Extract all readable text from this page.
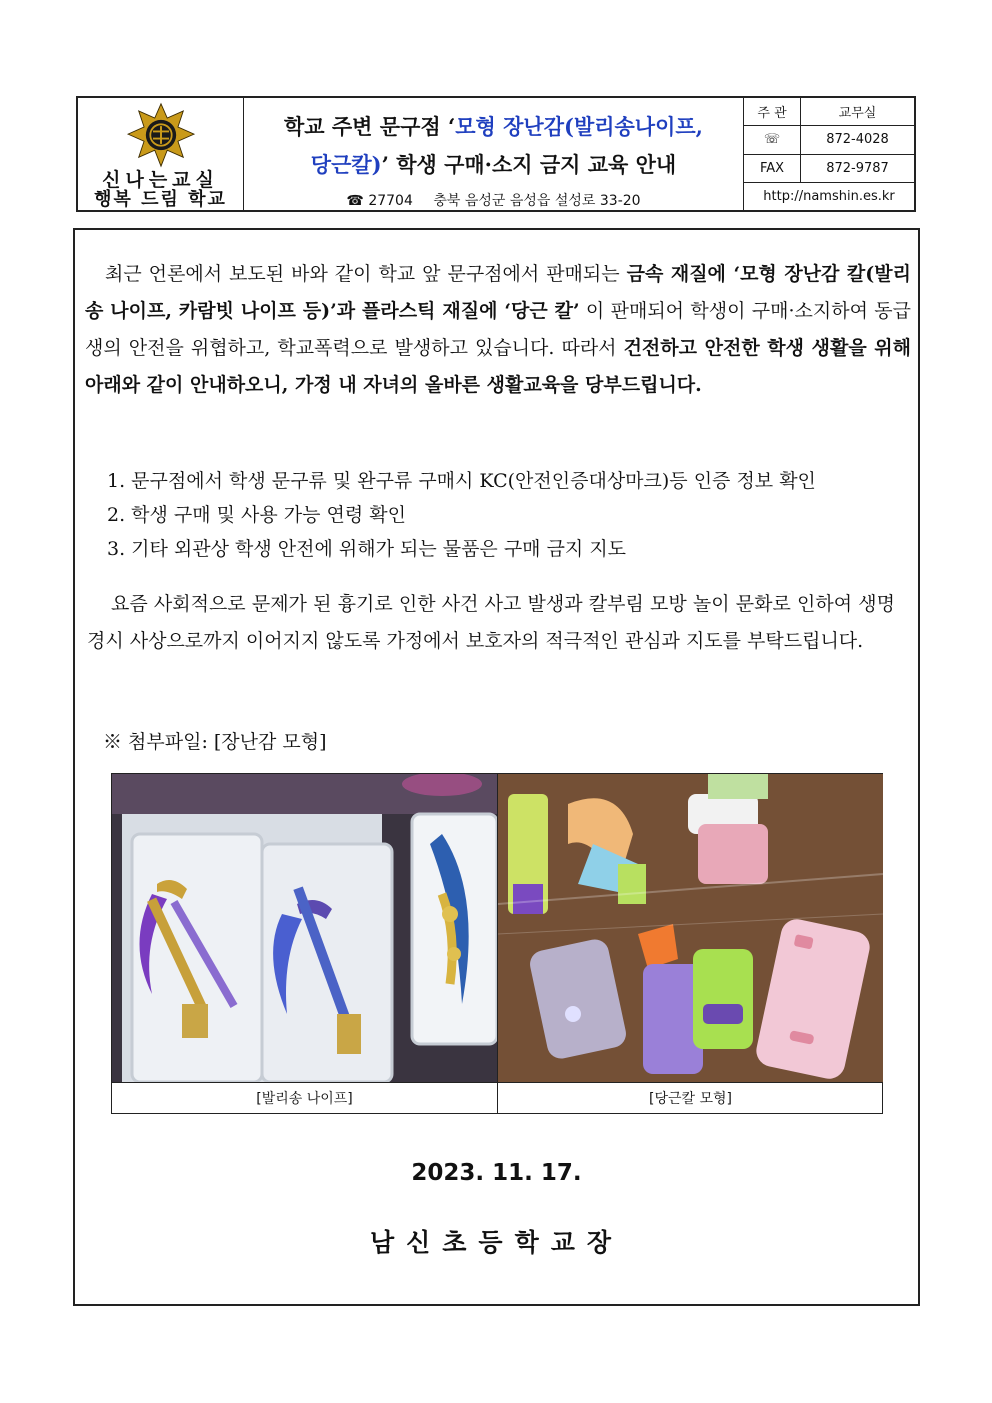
신나는교실
행복 드림 학교
학교 주변 문구점 ‘모형 장난감(발리송나이프,
당근칼)’ 학생 구매·소지 금지 교육 안내
☎ 27704 충북 음성군 음성읍 설성로 33-20
주 관	교무실
☏	872-4028
FAX	872-9787
http://namshin.es.kr

최근 언론에서 보도된 바와 같이 학교 앞 문구점에서 판매되는 금속 재질에 ‘모형 장난감 칼(발리송 나이프, 카람빗 나이프 등)’과 플라스틱 재질에 ‘당근 칼’ 이 판매되어 학생이 구매·소지하여 동급생의 안전을 위협하고, 학교폭력으로 발생하고 있습니다. 따라서 건전하고 안전한 학생 생활을 위해 아래와 같이 안내하오니, 가정 내 자녀의 올바른 생활교육을 당부드립니다.

1. 문구점에서 학생 문구류 및 완구류 구매시 KC(안전인증대상마크)등 인증 정보 확인
2. 학생 구매 및 사용 가능 연령 확인
3. 기타 외관상 학생 안전에 위해가 되는 물품은 구매 금지 지도

요즘 사회적으로 문제가 된 흉기로 인한 사건 사고 발생과 칼부림 모방 놀이 문화로 인하여 생명 경시 사상으로까지 이어지지 않도록 가정에서 보호자의 적극적인 관심과 지도를 부탁드립니다.

※ 첨부파일: [장난감 모형]
[발리송 나이프]	[당근칼 모형]
2023. 11. 17.
남신초등학교장
